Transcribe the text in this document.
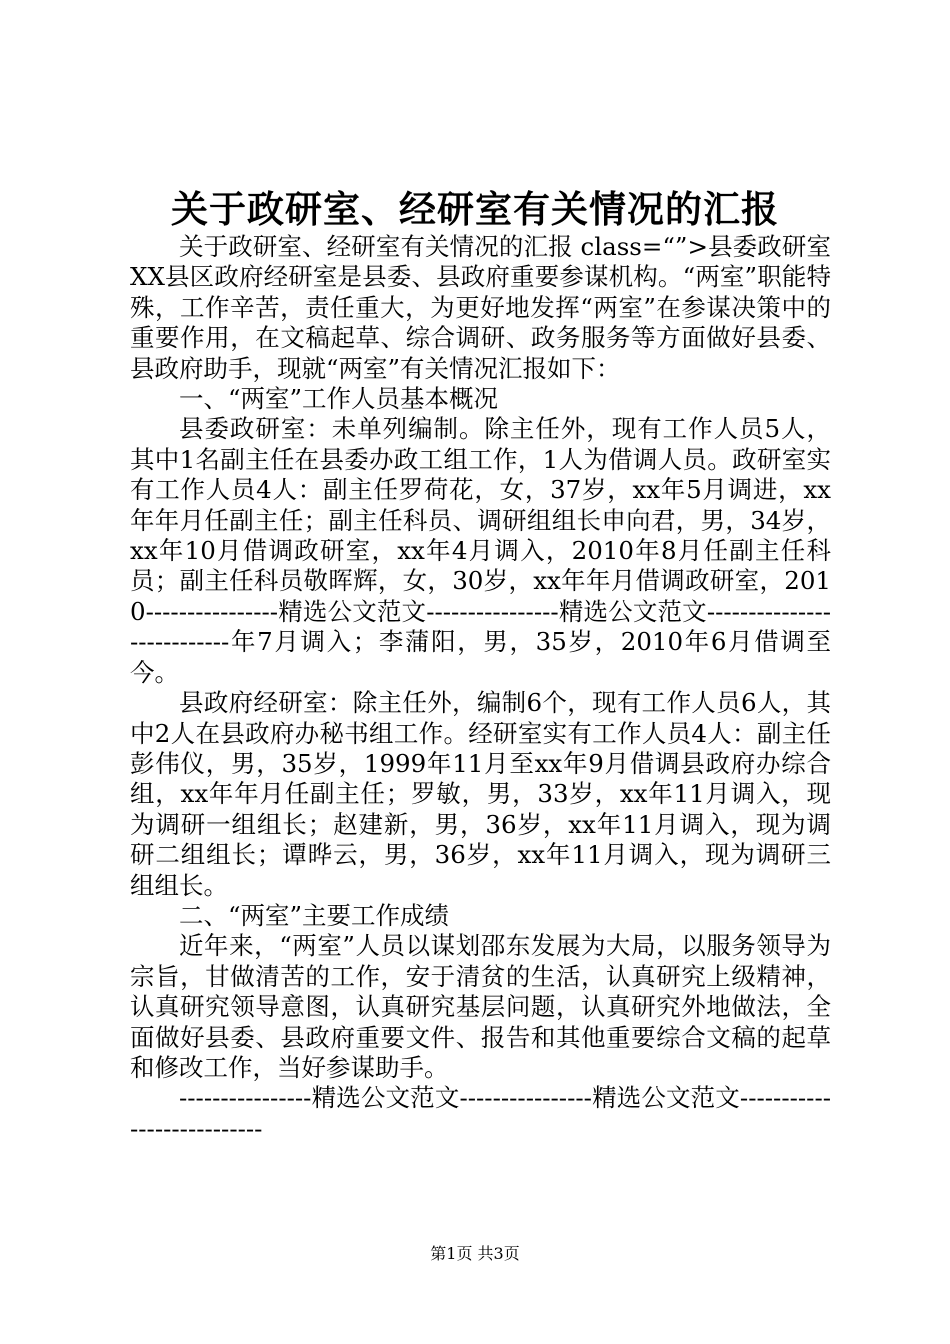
关于政研室、经研室有关情况的汇报

关于政研室、经研室有关情况的汇报 class=“”>县委政研室XX县区政府经研室是县委、县政府重要参谋机构。“两室”职能特殊，工作辛苦，责任重大，为更好地发挥“两室”在参谋决策中的重要作用，在文稿起草、综合调研、政务服务等方面做好县委、县政府助手，现就“两室”有关情况汇报如下：

一、“两室”工作人员基本概况

县委政研室：未单列编制。除主任外，现有工作人员5人，其中1名副主任在县委办政工组工作，1人为借调人员。政研室实有工作人员4人：副主任罗荷花，女，37岁，xx年5月调进，xx年年月任副主任；副主任科员、调研组组长申向君，男，34岁，xx年10月借调政研室，xx年4月调入，2010年8月任副主任科员；副主任科员敬晖辉，女，30岁，xx年年月借调政研室，2010----------------精选公文范文----------------精选公文范文---------------------------年7月调入；李蒲阳，男，35岁，2010年6月借调至今。

县政府经研室：除主任外，编制6个，现有工作人员6人，其中2人在县政府办秘书组工作。经研室实有工作人员4人：副主任彭伟仪，男，35岁，1999年11月至xx年9月借调县政府办综合组，xx年年月任副主任；罗敏，男，33岁，xx年11月调入，现为调研一组组长；赵建新，男，36岁，xx年11月调入，现为调研二组组长；谭晔云，男，36岁，xx年11月调入，现为调研三组组长。

二、“两室”主要工作成绩

近年来，“两室”人员以谋划邵东发展为大局，以服务领导为宗旨，甘做清苦的工作，安于清贫的生活，认真研究上级精神，认真研究领导意图，认真研究基层问题，认真研究外地做法，全面做好县委、县政府重要文件、报告和其他重要综合文稿的起草和修改工作，当好参谋助手。

----------------精选公文范文----------------精选公文范文---------------------------

第1页 共3页
